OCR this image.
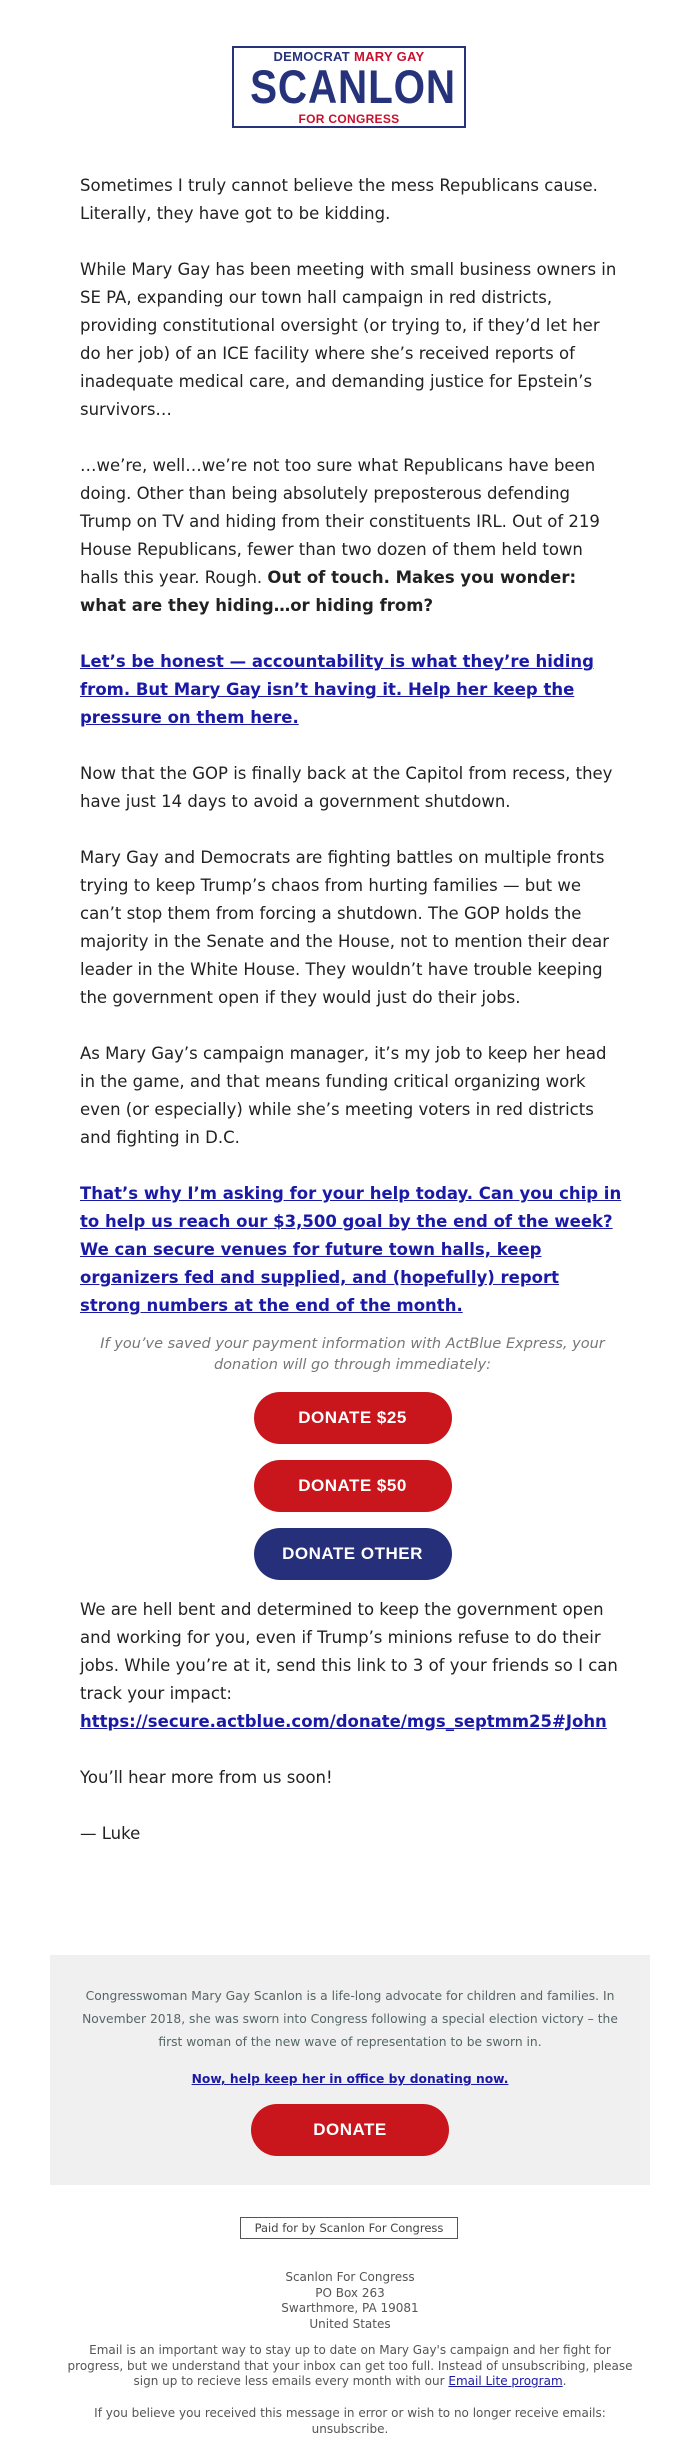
DEMOCRAT MARY GAY
SCANLON
FOR CONGRESS

Sometimes I truly cannot believe the mess Republicans cause. Literally, they have got to be kidding.

While Mary Gay has been meeting with small business owners in SE PA, expanding our town hall campaign in red districts, providing constitutional oversight (or trying to, if they’d let her do her job) of an ICE facility where she’s received reports of inadequate medical care, and demanding justice for Epstein’s survivors…

…we’re, well…we’re not too sure what Republicans have been doing. Other than being absolutely preposterous defending Trump on TV and hiding from their constituents IRL. Out of 219 House Republicans, fewer than two dozen of them held town halls this year. Rough. Out of touch. Makes you wonder: what are they hiding…or hiding from?

Let’s be honest — accountability is what they’re hiding from. But Mary Gay isn’t having it. Help her keep the pressure on them here.

Now that the GOP is finally back at the Capitol from recess, they have just 14 days to avoid a government shutdown.

Mary Gay and Democrats are fighting battles on multiple fronts trying to keep Trump’s chaos from hurting families — but we can’t stop them from forcing a shutdown. The GOP holds the majority in the Senate and the House, not to mention their dear leader in the White House. They wouldn’t have trouble keeping the government open if they would just do their jobs.

As Mary Gay’s campaign manager, it’s my job to keep her head in the game, and that means funding critical organizing work even (or especially) while she’s meeting voters in red districts and fighting in D.C.

That’s why I’m asking for your help today. Can you chip in to help us reach our $3,500 goal by the end of the week? We can secure venues for future town halls, keep organizers fed and supplied, and (hopefully) report strong numbers at the end of the month.

If you’ve saved your payment information with ActBlue Express, your donation will go through immediately:
DONATE $25
DONATE $50
DONATE OTHER

We are hell bent and determined to keep the government open and working for you, even if Trump’s minions refuse to do their jobs. While you’re at it, send this link to 3 of your friends so I can track your impact:
https://secure.actblue.com/donate/mgs_septmm25#John

You’ll hear more from us soon!

— Luke

Congresswoman Mary Gay Scanlon is a life-long advocate for children and families. In November 2018, she was sworn into Congress following a special election victory – the first woman of the new wave of representation to be sworn in.
Now, help keep her in office by donating now.
DONATE
Paid for by Scanlon For Congress
Scanlon For Congress
PO Box 263
Swarthmore, PA 19081
United States
Email is an important way to stay up to date on Mary Gay's campaign and her fight for progress, but we understand that your inbox can get too full. Instead of unsubscribing, please sign up to recieve less emails every month with our Email Lite program.
If you believe you received this message in error or wish to no longer receive emails: unsubscribe.
